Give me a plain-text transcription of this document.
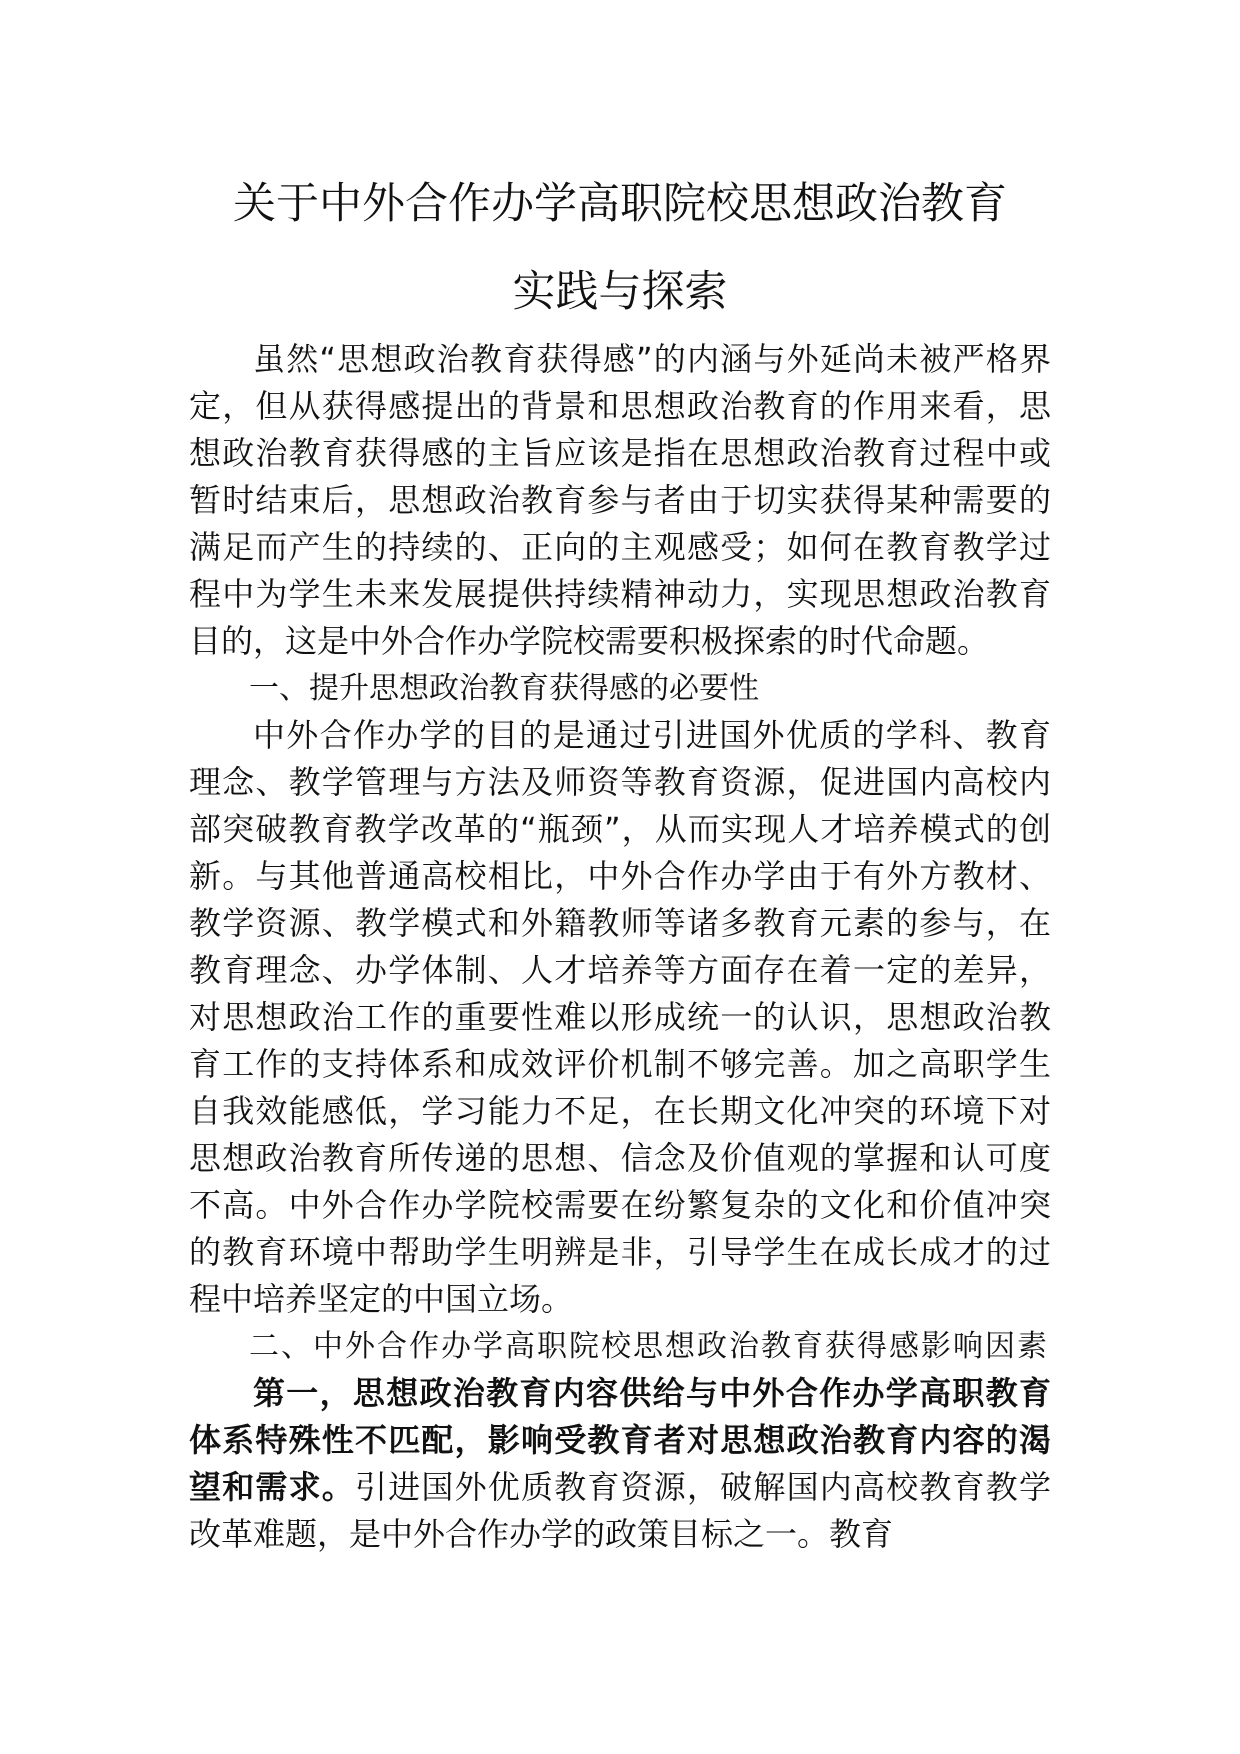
关于中外合作办学高职院校思想政治教育
实践与探索

虽然“思想政治教育获得感”的内涵与外延尚未被严格界定，但从获得感提出的背景和思想政治教育的作用来看，思想政治教育获得感的主旨应该是指在思想政治教育过程中或暂时结束后，思想政治教育参与者由于切实获得某种需要的满足而产生的持续的、正向的主观感受；如何在教育教学过程中为学生未来发展提供持续精神动力，实现思想政治教育目的，这是中外合作办学院校需要积极探索的时代命题。

一、提升思想政治教育获得感的必要性

中外合作办学的目的是通过引进国外优质的学科、教育理念、教学管理与方法及师资等教育资源，促进国内高校内部突破教育教学改革的“瓶颈”，从而实现人才培养模式的创新。与其他普通高校相比，中外合作办学由于有外方教材、教学资源、教学模式和外籍教师等诸多教育元素的参与，在教育理念、办学体制、人才培养等方面存在着一定的差异，对思想政治工作的重要性难以形成统一的认识，思想政治教育工作的支持体系和成效评价机制不够完善。加之高职学生自我效能感低，学习能力不足，在长期文化冲突的环境下对思想政治教育所传递的思想、信念及价值观的掌握和认可度不高。中外合作办学院校需要在纷繁复杂的文化和价值冲突的教育环境中帮助学生明辨是非，引导学生在成长成才的过程中培养坚定的中国立场。

二、中外合作办学高职院校思想政治教育获得感影响因素

第一，思想政治教育内容供给与中外合作办学高职教育体系特殊性不匹配，影响受教育者对思想政治教育内容的渴望和需求。引进国外优质教育资源，破解国内高校教育教学改革难题，是中外合作办学的政策目标之一。教育
